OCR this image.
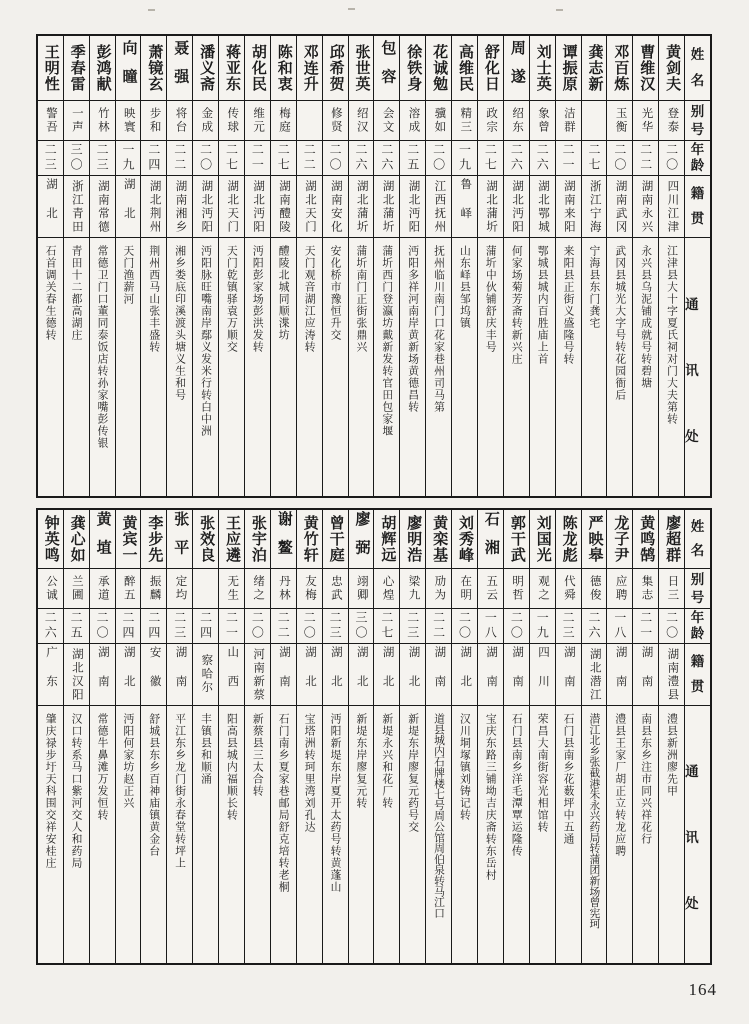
姓
名
别
号
年
龄
籍
贯
通
讯
处
黄剑夫
登泰
二〇
四川江津
江津县大十字夏氏祠对门大夫第转
曹维汉
光华
二二
湖南永兴
永兴县乌泥铺成就号转碧塘
邓百炼
玉衡
二〇
湖南武冈
武冈县城光大字号转花园衙后
龚志新
二七
浙江宁海
宁海县东门龚宅
谭振原
洁群
二一
湖南来阳
来阳县正街义盛隆号转
刘士英
象曾
二六
湖北鄂城
鄂城县城内百胜庙上首
周遂
绍东
二六
湖北沔阳
何家场菊芳斋转新兴庄
舒化日
政宗
二七
湖北蒲圻
蒲圻中伙铺舒庆丰号
高维民
精三
一九
鲁峄
山东峄县邹坞镇
花诚勉
骥如
二〇
江西抚州
抚州临川南门口花家巷州司马第
徐铁身
溶成
二五
湖北沔阳
沔阳多祥河南岸黄新场黄德昌转
包容
会文
二六
湖北蒲圻
蒲圻西门登瀛坊戴新发转官田包家堰
张世英
绍汉
二六
湖北蒲圻
蒲圻南门正街张鼎兴
邱希贺
修贤
二〇
湖南安化
安化桥市豫恒升交
邓连升
二二
湖北天门
天门观音湖江应涛转
陈和衷
梅庭
二七
湖南醴陵
醴陵北城同顺渫坊
胡化民
维元
二一
湖北沔阳
沔阳彭家场彭洪发转
蒋亚东
传球
二七
湖北天门
天门乾镇驿袁万顺交
潘义斋
金成
二〇
湖北沔阳
沔阳脉旺嘴南岸鄢义发米行转白中洲
聂强
将台
二二
湖南湘乡
湘乡娄底印溪渡头塘义生和号
萧镜玄
步和
二四
湖北荆州
荆州西马山张丰盛转
向曈
映寰
一九
湖北
天门渔薪河
彭鸿献
竹林
二三
湖南常德
常德卫门口董同泰饭店转孙家嘴彭传银
季春雷
一声
三〇
浙江青田
青田十二都高湖庄
王明性
警吾
二三
湖北
石首调关春生德转
姓
名
别
号
年
龄
籍
贯
通
讯
处
廖超群
日三
二〇
湖南澧县
澧县新洲廖先甲
黄鸣鹄
集志
二一
湖南
南县东乡注市同兴祥花行
龙子尹
应聘
一八
湖南
澧县王家厂胡正立转龙应聘
严映皋
德俊
二六
湖北潜江
潜江北乡张截港朱永兴药局转蒲团新场曾宪珂
陈龙彪
代舜
二三
湖南
石门县南乡花薮坪中五通
刘国光
观之
一九
四川
荣昌大南街容光相馆转
郭干武
明哲
二〇
湖南
石门县南乡洋毛潭覃运隆传
石湘
五云
一八
湖南
宝庆东路三铺坳吉庆斋转东岳村
刘秀峰
在明
二〇
湖北
汉川垌塚镇刘铸记转
黄栾基
劢为
二二
湖南
道县城内石牌楼七号周公馆周伯泉转马江口
廖明浩
梁九
二三
湖北
新堤东岸廖复元药号交
胡辉远
心煌
二七
湖北
新堤永兴和花厂转
廖弼
翊卿
三〇
湖北
新堤东岸廖复元转
曾干庭
忠武
二三
湖北
沔阳新堤东岸夏开太药号转黄蓬山
黄竹轩
友梅
二〇
湖北
宝塔洲转珂里湾刘孔达
谢鳌
丹林
二二
湖南
石门南乡夏家巷邮局舒克培转老桐
张宇泊
绪之
二〇
河南新蔡
新蔡县三太合转
王应遴
无生
二一
山西
阳高县城内福顺长转
张效良
二四
察哈尔
丰镇县和顺涌
张平
定均
二三
湖南
平江东乡龙门街永春堂转坪上
李步先
振麟
二四
安徽
舒城县东乡百神庙镇黄金台
黄宾一
醉五
二四
湖北
沔阳何家坊赵正兴
黄埴
承道
二〇
湖南
常德牛鼻滩万发恒转
龚心如
兰圃
二五
湖北汉阳
汉口转系马口紫河交人和药局
钟英鸣
公诚
二六
广东
肇庆禄步圩天科围交祥安桂庄
164
